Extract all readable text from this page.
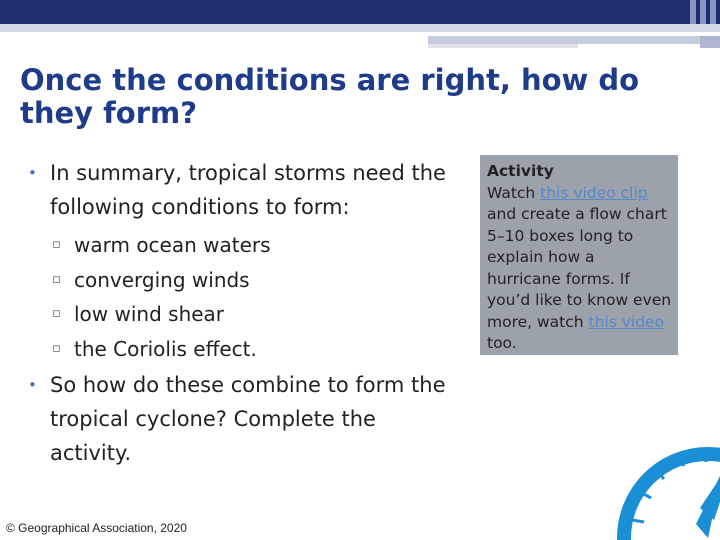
Once the conditions are right, how do they form?
• In summary, tropical storms need the following conditions to form:
▫ warm ocean waters
▫ converging winds
▫ low wind shear
▫ the Coriolis effect.
• So how do these combine to form the tropical cyclone? Complete the activity.
Activity
Watch this video clip and create a flow chart 5–10 boxes long to explain how a hurricane forms. If you’d like to know even more, watch this video too.
© Geographical Association, 2020
